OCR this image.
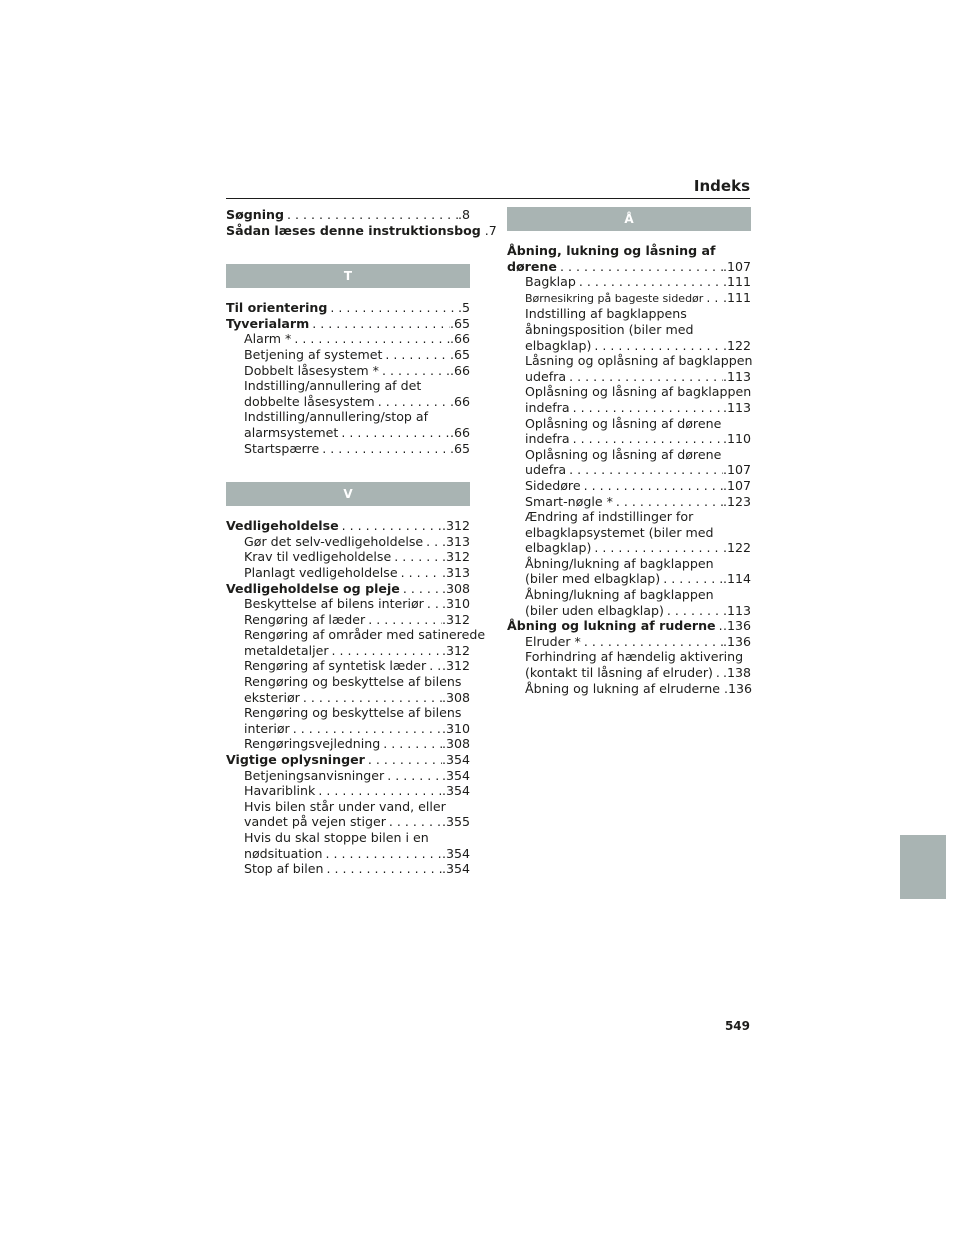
Indeks
Søgning . . .	.8
Sådan læses denne instruktionsbog . . . .7
T
Til orientering . . .	.5
Tyverialarm . . .	.65
Alarm * . . .	.66
Betjening af systemet . . .	.65
Dobbelt låsesystem * . . .	.66
Indstilling/annullering af det
dobbelte låsesystem . . .	.66
Indstilling/annullering/stop af
alarmsystemet . . .	.66
Startspærre . . .	.65
V
Vedligeholdelse . . .	.312
Gør det selv-vedligeholdelse . . . .313
Krav til vedligeholdelse . . .	.312
Planlagt vedligeholdelse . . .	.313
Vedligeholdelse og pleje . . .	.308
Beskyttelse af bilens interiør . . . .310
Rengøring af læder . . .	.312
Rengøring af områder med satinerede
metaldetaljer . . .	.312
Rengøring af syntetisk læder . . . .312
Rengøring og beskyttelse af bilens
eksteriør . . .	.308
Rengøring og beskyttelse af bilens
interiør . . .	.310
Rengøringsvejledning . . .	.308
Vigtige oplysninger . . .	.354
Betjeningsanvisninger . . .	.354
Havariblink . . .	.354
Hvis bilen står under vand, eller
vandet på vejen stiger . . .	.355
Hvis du skal stoppe bilen i en
nødsituation . . .	.354
Stop af bilen . . .	.354
Å
Åbning, lukning og låsning af
dørene . . .	.107
Bagklap . . .	.111
Børnesikring på bageste sidedør . . . .111
Indstilling af bagklappens
åbningsposition (biler med
elbagklap) . . .	.122
Låsning og oplåsning af bagklappen
udefra . . .	.113
Oplåsning og låsning af bagklappen
indefra . . .	.113
Oplåsning og låsning af dørene
indefra . . .	.110
Oplåsning og låsning af dørene
udefra . . .	.107
Sidedøre . . .	.107
Smart-nøgle * . . .	.123
Ændring af indstillinger for
elbagklapsystemet (biler med
elbagklap) . . .	.122
Åbning/lukning af bagklappen
(biler med elbagklap) . . .	.114
Åbning/lukning af bagklappen
(biler uden elbagklap) . . .	.113
Åbning og lukning af ruderne . . . .136
Elruder * . . .	.136
Forhindring af hændelig aktivering
(kontakt til låsning af elruder) . . . .138
Åbning og lukning af elruderne . . . .136
549
